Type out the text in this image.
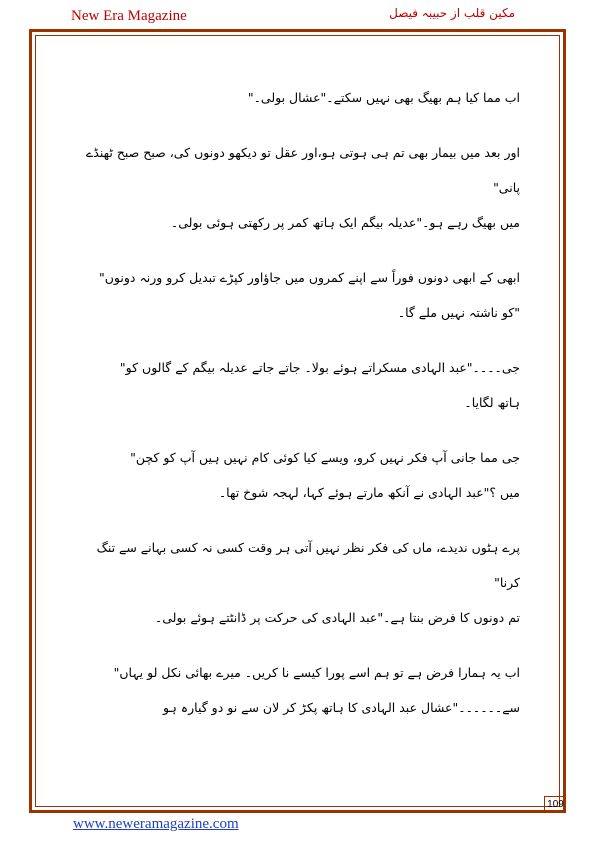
New Era Magazine	مکین قلب از حبیبہ فیصل

اب مما کیا ہم بھیگ بھی نہیں سکتے۔"عشال بولی۔"

اور بعد میں بیمار بھی تم ہی ہوتی ہو،اور عقل تو دیکھو دونوں کی، صبح صبح ٹھنڈے پانی"
میں بھیگ رہے ہو۔"عدیلہ بیگم ایک ہاتھ کمر پر رکھتی ہوئی بولی۔

ابھی کے ابھی دونوں فوراً سے اپنے کمروں میں جاؤاور کپڑے تبدیل کرو ورنہ دونوں"
"کو ناشتہ نہیں ملے گا۔

جی۔۔۔۔"عبد الہادی مسکراتے ہوئے بولا۔ جاتے جاتے عدیلہ بیگم کے گالوں کو"
ہاتھ لگایا۔

جی مما جانی آپ فکر نہیں کرو، ویسے کیا کوئی کام نہیں ہیں آپ کو کچن"
میں ؟"عبد الہادی نے آنکھ مارتے ہوئے کہا، لہجہ شوخ تھا۔

پرے ہٹوں ندیدے، ماں کی فکر نظر نہیں آتی ہر وقت کسی نہ کسی بہانے سے تنگ کرنا"
تم دونوں کا فرض بنتا ہے۔"عبد الہادی کی حرکت پر ڈانٹتے ہوئے بولی۔

اب یہ ہمارا فرض ہے تو ہم اسے پورا کیسے نا کریں۔ میرے بھائی نکل لو یہاں"
سے۔۔۔۔۔۔"عشال عبد الہادی کا ہاتھ پکڑ کر لان سے نو دو گیارہ ہو

109
www.neweramagazine.com
